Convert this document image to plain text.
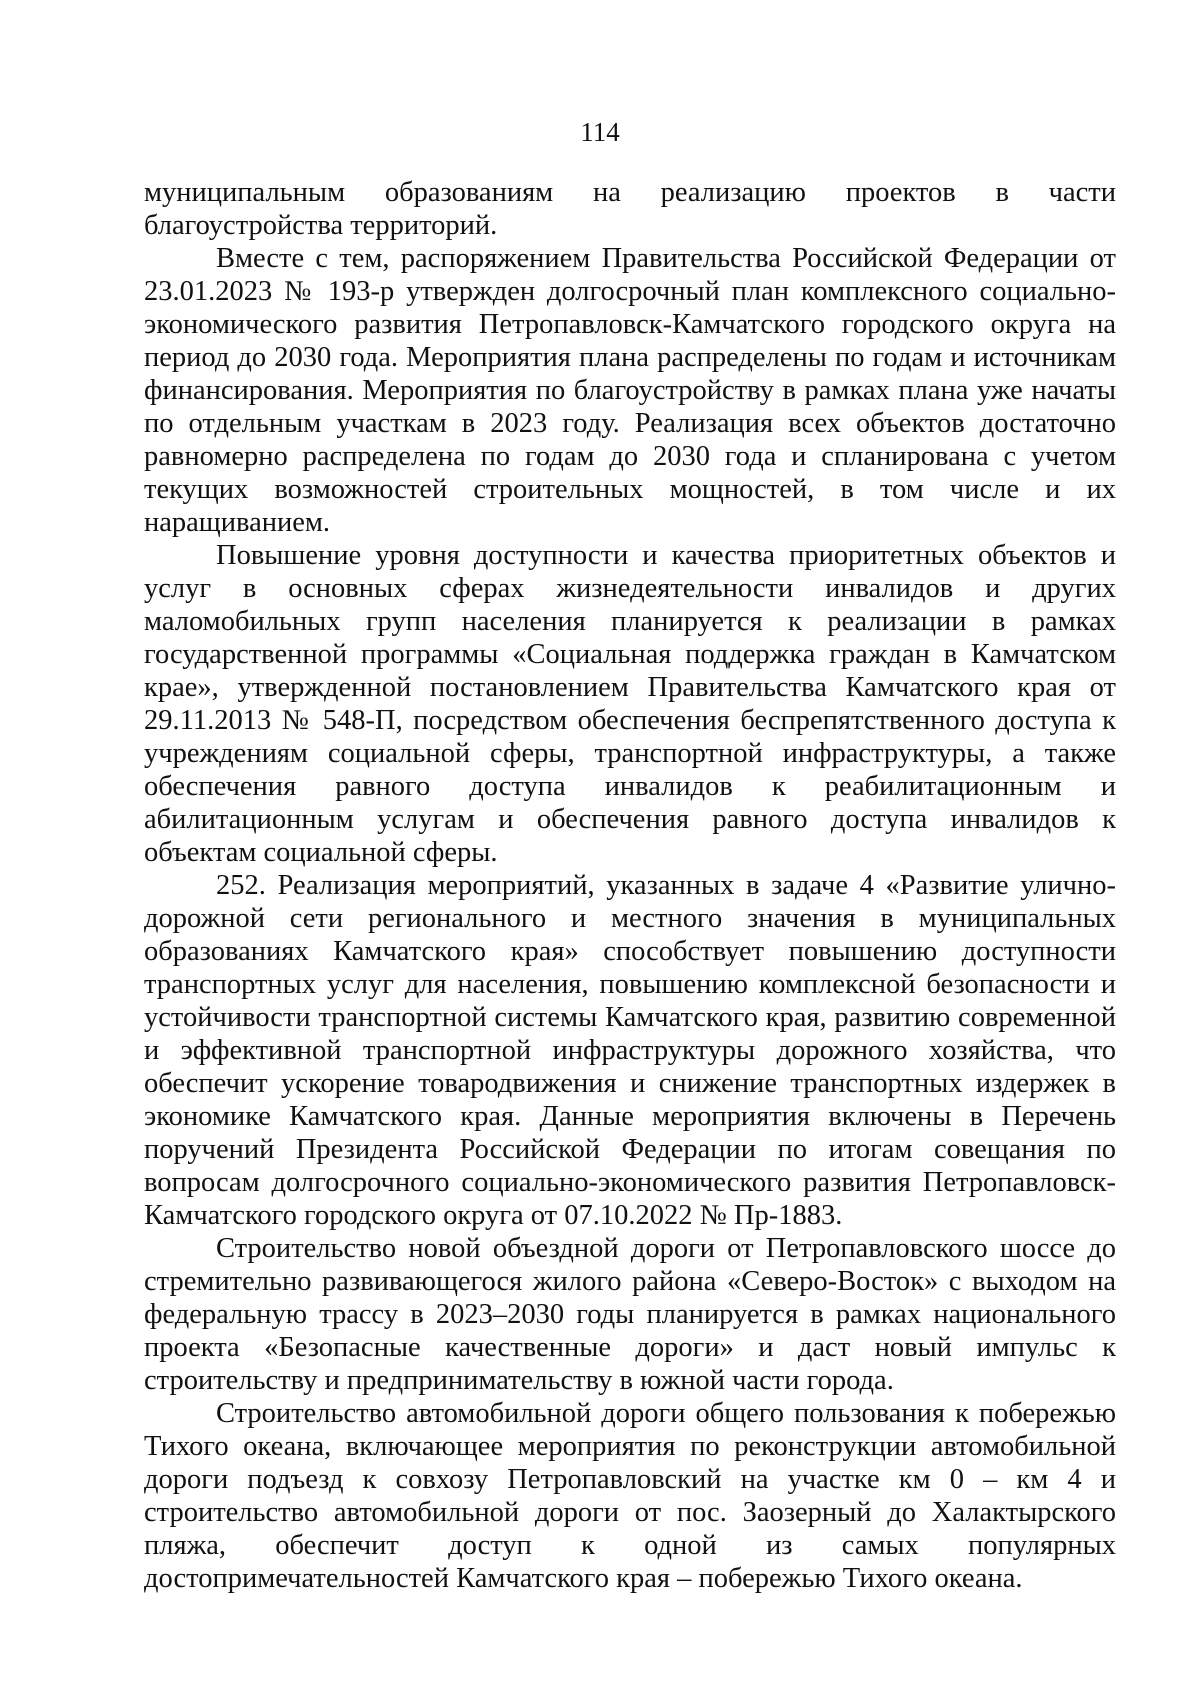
114

муниципальным образованиям на реализацию проектов в части благоустройства территорий.

Вместе с тем, распоряжением Правительства Российской Федерации от 23.01.2023 № 193-р утвержден долгосрочный план комплексного социально-экономического развития Петропавловск-Камчатского городского округа на период до 2030 года. Мероприятия плана распределены по годам и источникам финансирования. Мероприятия по благоустройству в рамках плана уже начаты по отдельным участкам в 2023 году. Реализация всех объектов достаточно равномерно распределена по годам до 2030 года и спланирована с учетом текущих возможностей строительных мощностей, в том числе и их наращиванием.

Повышение уровня доступности и качества приоритетных объектов и услуг в основных сферах жизнедеятельности инвалидов и других маломобильных групп населения планируется к реализации в рамках государственной программы «Социальная поддержка граждан в Камчатском крае», утвержденной постановлением Правительства Камчатского края от 29.11.2013 № 548-П, посредством обеспечения беспрепятственного доступа к учреждениям социальной сферы, транспортной инфраструктуры, а также обеспечения равного доступа инвалидов к реабилитационным и абилитационным услугам и обеспечения равного доступа инвалидов к объектам социальной сферы.

252. Реализация мероприятий, указанных в задаче 4 «Развитие улично-дорожной сети регионального и местного значения в муниципальных образованиях Камчатского края» способствует повышению доступности транспортных услуг для населения, повышению комплексной безопасности и устойчивости транспортной системы Камчатского края, развитию современной и эффективной транспортной инфраструктуры дорожного хозяйства, что обеспечит ускорение товародвижения и снижение транспортных издержек в экономике Камчатского края. Данные мероприятия включены в Перечень поручений Президента Российской Федерации по итогам совещания по вопросам долгосрочного социально-экономического развития Петропавловск-Камчатского городского округа от 07.10.2022 № Пр-1883.

Строительство новой объездной дороги от Петропавловского шоссе до стремительно развивающегося жилого района «Северо-Восток» с выходом на федеральную трассу в 2023–2030 годы планируется в рамках национального проекта «Безопасные качественные дороги» и даст новый импульс к строительству и предпринимательству в южной части города.

Строительство автомобильной дороги общего пользования к побережью Тихого океана, включающее мероприятия по реконструкции автомобильной дороги подъезд к совхозу Петропавловский на участке км 0 – км 4 и строительство автомобильной дороги от пос. Заозерный до Халактырского пляжа, обеспечит доступ к одной из самых популярных достопримечательностей Камчатского края – побережью Тихого океана.
